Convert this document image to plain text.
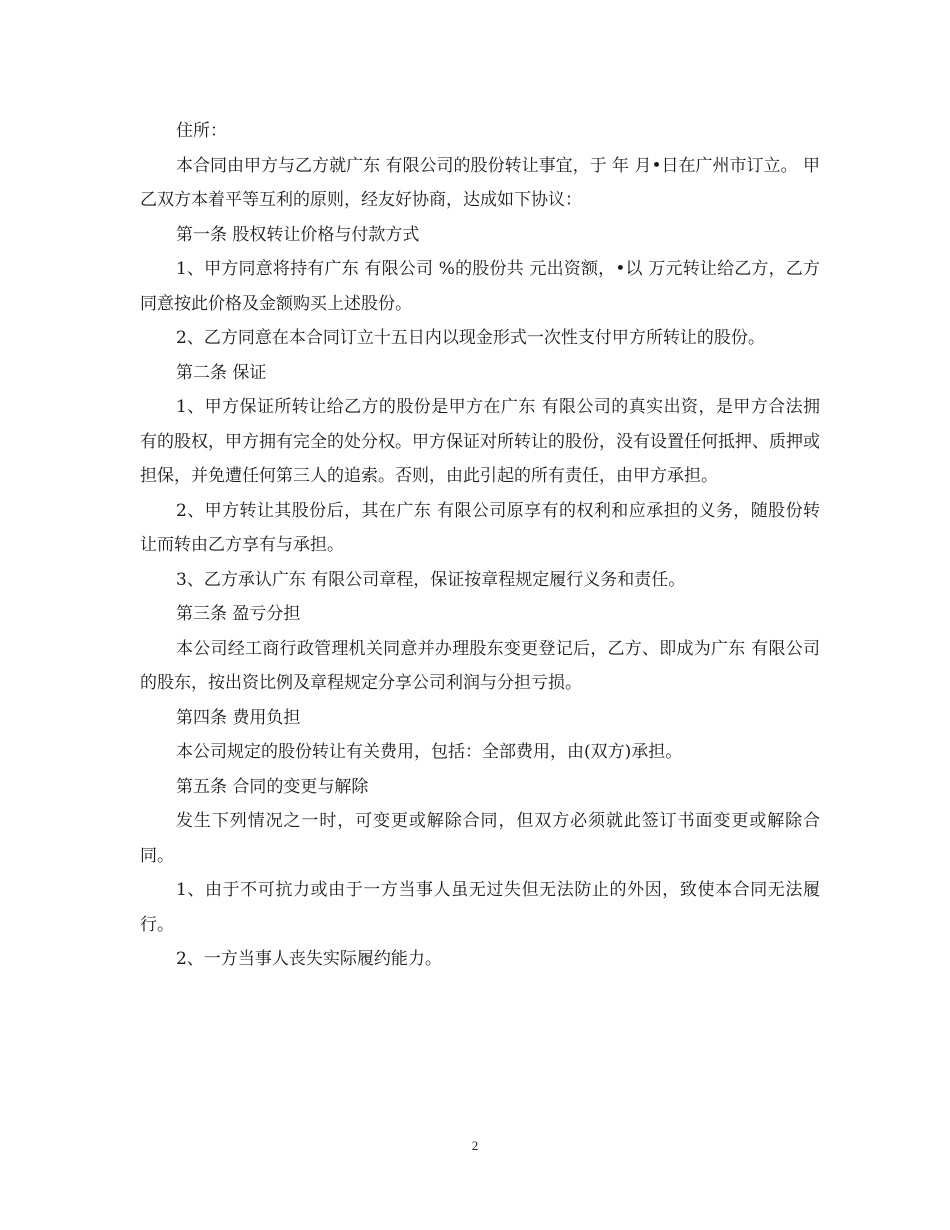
住所：

本合同由甲方与乙方就广东 有限公司的股份转让事宜，于 年 月•日在广州市订立。 甲乙双方本着平等互利的原则，经友好协商，达成如下协议：

第一条 股权转让价格与付款方式

1、甲方同意将持有广东 有限公司 %的股份共 元出资额，•以 万元转让给乙方，乙方同意按此价格及金额购买上述股份。

2、乙方同意在本合同订立十五日内以现金形式一次性支付甲方所转让的股份。

第二条 保证

1、甲方保证所转让给乙方的股份是甲方在广东 有限公司的真实出资，是甲方合法拥有的股权，甲方拥有完全的处分权。甲方保证对所转让的股份，没有设置任何抵押、质押或担保，并免遭任何第三人的追索。否则，由此引起的所有责任，由甲方承担。

2、甲方转让其股份后，其在广东 有限公司原享有的权利和应承担的义务，随股份转让而转由乙方享有与承担。

3、乙方承认广东 有限公司章程，保证按章程规定履行义务和责任。

第三条 盈亏分担

本公司经工商行政管理机关同意并办理股东变更登记后，乙方、即成为广东 有限公司的股东，按出资比例及章程规定分享公司利润与分担亏损。

第四条 费用负担

本公司规定的股份转让有关费用，包括：全部费用，由(双方)承担。

第五条 合同的变更与解除

发生下列情况之一时，可变更或解除合同，但双方必须就此签订书面变更或解除合同。

1、由于不可抗力或由于一方当事人虽无过失但无法防止的外因，致使本合同无法履行。

2、一方当事人丧失实际履约能力。

2
